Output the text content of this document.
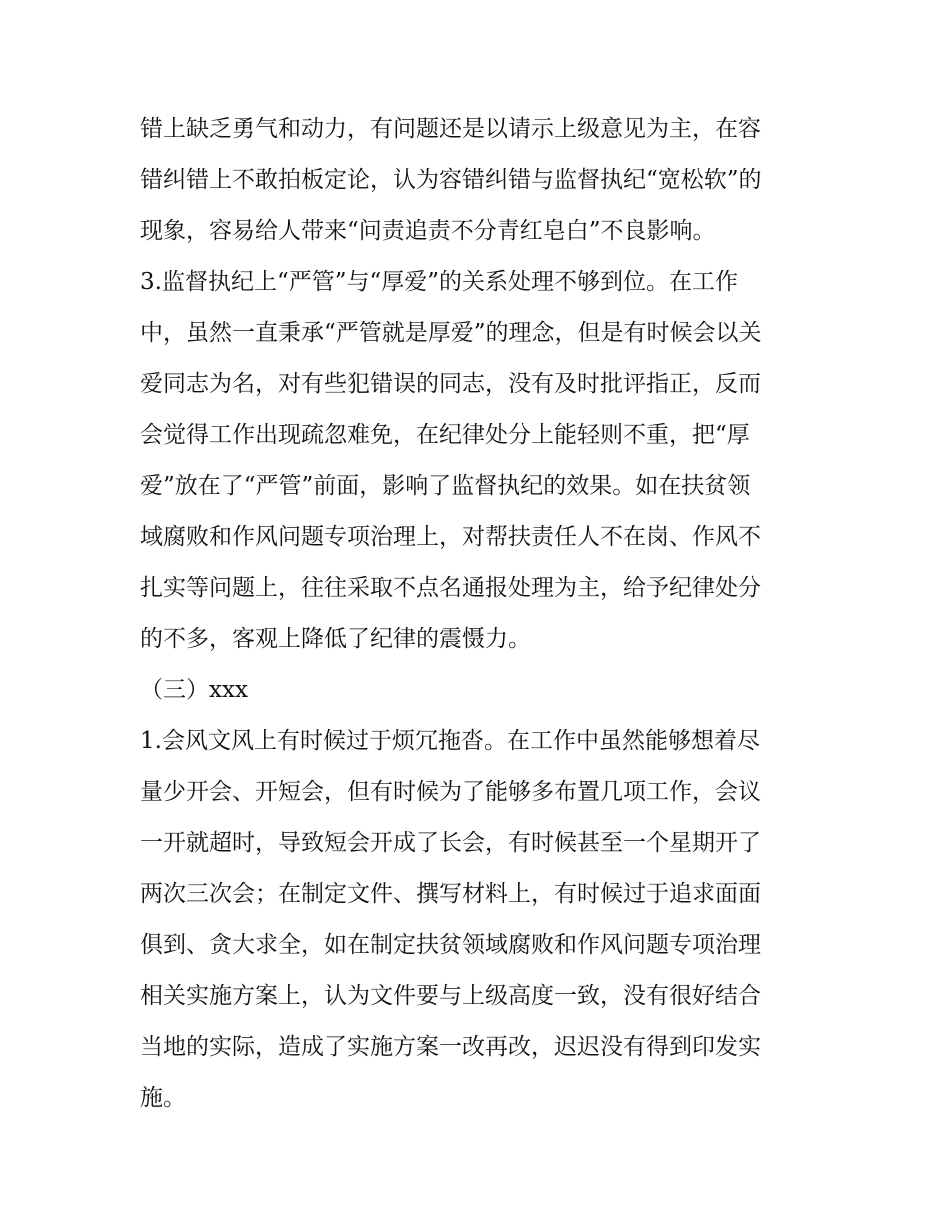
错上缺乏勇气和动力，有问题还是以请示上级意见为主，在容
错纠错上不敢拍板定论，认为容错纠错与监督执纪“宽松软”的
现象，容易给人带来“问责追责不分青红皂白”不良影响。
3.监督执纪上“严管”与“厚爱”的关系处理不够到位。在工作
中，虽然一直秉承“严管就是厚爱”的理念，但是有时候会以关
爱同志为名，对有些犯错误的同志，没有及时批评指正，反而
会觉得工作出现疏忽难免，在纪律处分上能轻则不重，把“厚
爱”放在了“严管”前面，影响了监督执纪的效果。如在扶贫领
域腐败和作风问题专项治理上，对帮扶责任人不在岗、作风不
扎实等问题上，往往采取不点名通报处理为主，给予纪律处分
的不多，客观上降低了纪律的震慑力。
（三）xxx
1.会风文风上有时候过于烦冗拖沓。在工作中虽然能够想着尽
量少开会、开短会，但有时候为了能够多布置几项工作，会议
一开就超时，导致短会开成了长会，有时候甚至一个星期开了
两次三次会；在制定文件、撰写材料上，有时候过于追求面面
俱到、贪大求全，如在制定扶贫领域腐败和作风问题专项治理
相关实施方案上，认为文件要与上级高度一致，没有很好结合
当地的实际，造成了实施方案一改再改，迟迟没有得到印发实
施。
